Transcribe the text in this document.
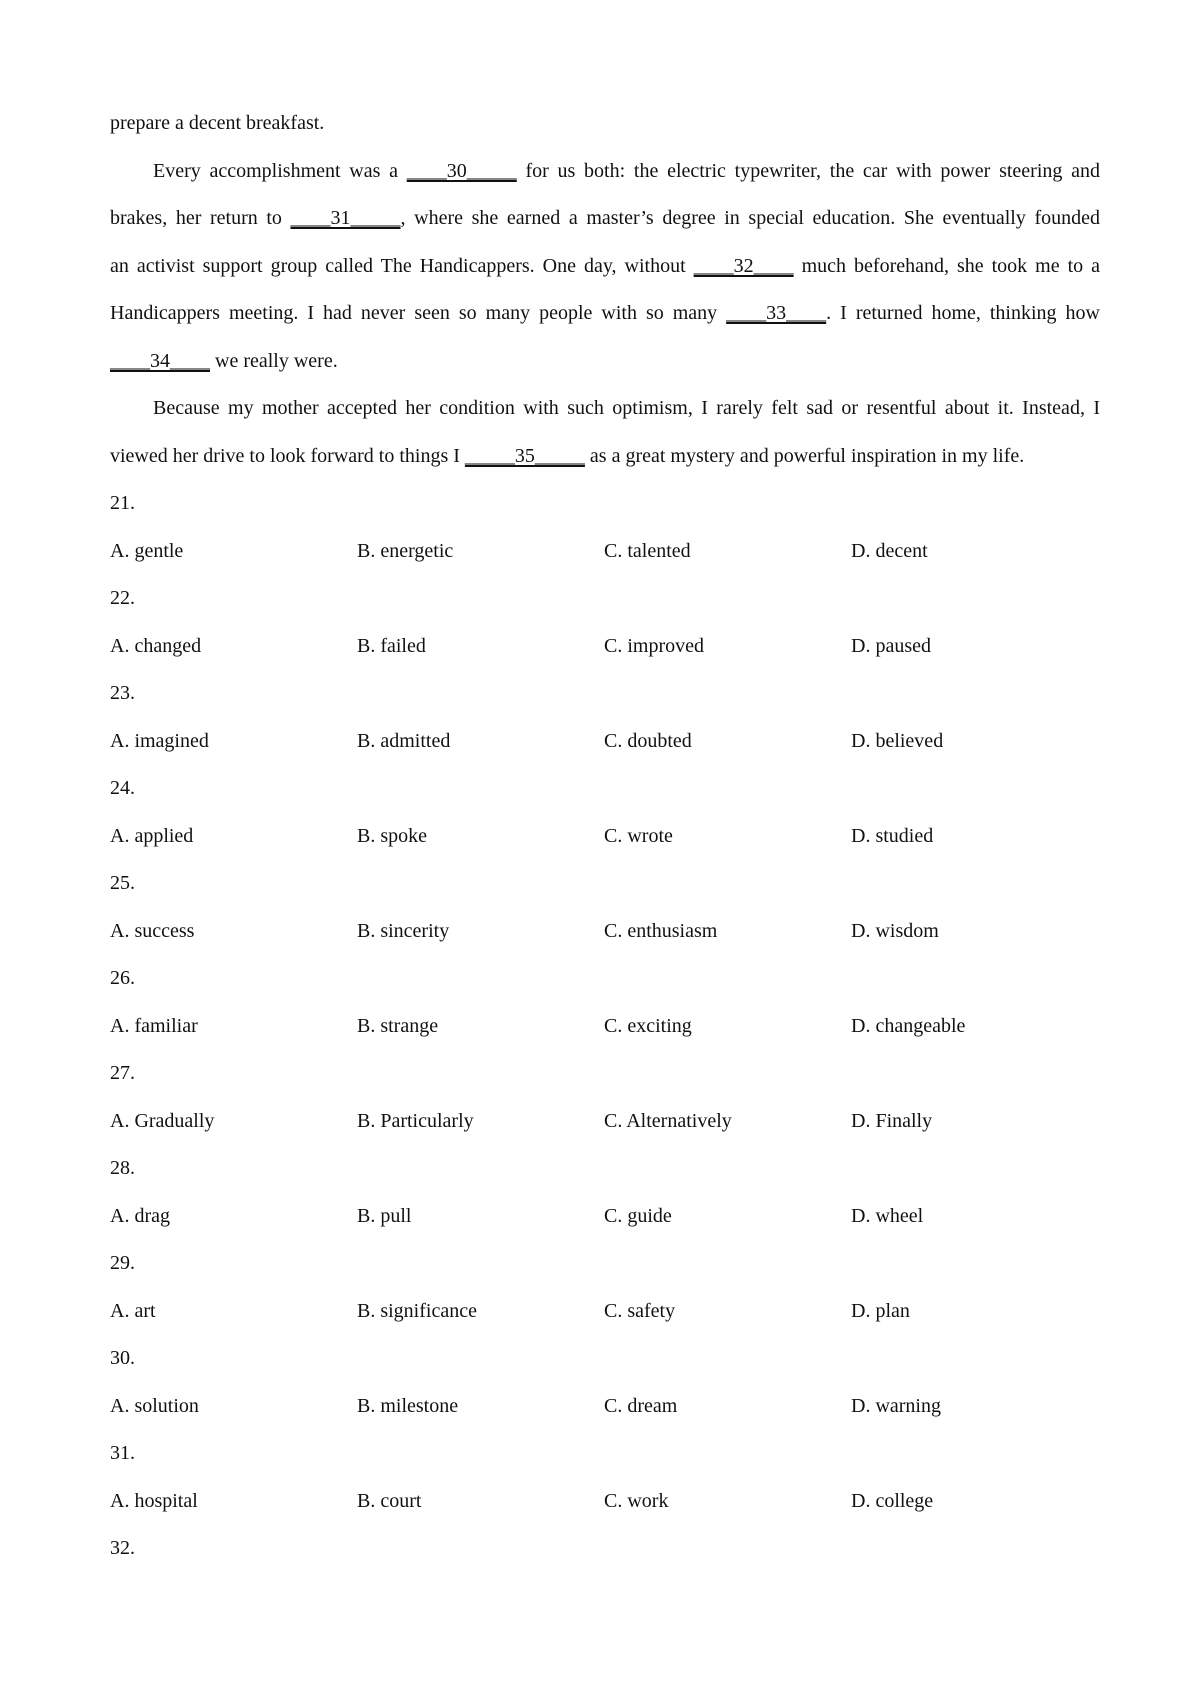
prepare a decent breakfast.
Every accomplishment was a ____30_____ for us both: the electric typewriter, the car with power steering and
brakes, her return to ____31_____, where she earned a master’s degree in special education. She eventually founded
an activist support group called The Handicappers. One day, without ____32____ much beforehand, she took me to a
Handicappers meeting. I had never seen so many people with so many ____33____. I returned home, thinking how
____34____ we really were.
Because my mother accepted her condition with such optimism, I rarely felt sad or resentful about it. Instead, I
viewed her drive to look forward to things I _____35_____ as a great mystery and powerful inspiration in my life.
21.
A. gentle	B. energetic	C. talented	D. decent
22.
A. changed	B. failed	C. improved	D. paused
23.
A. imagined	B. admitted	C. doubted	D. believed
24.
A. applied	B. spoke	C. wrote	D. studied
25.
A. success	B. sincerity	C. enthusiasm	D. wisdom
26.
A. familiar	B. strange	C. exciting	D. changeable
27.
A. Gradually	B. Particularly	C. Alternatively	D. Finally
28.
A. drag	B. pull	C. guide	D. wheel
29.
A. art	B. significance	C. safety	D. plan
30.
A. solution	B. milestone	C. dream	D. warning
31.
A. hospital	B. court	C. work	D. college
32.
